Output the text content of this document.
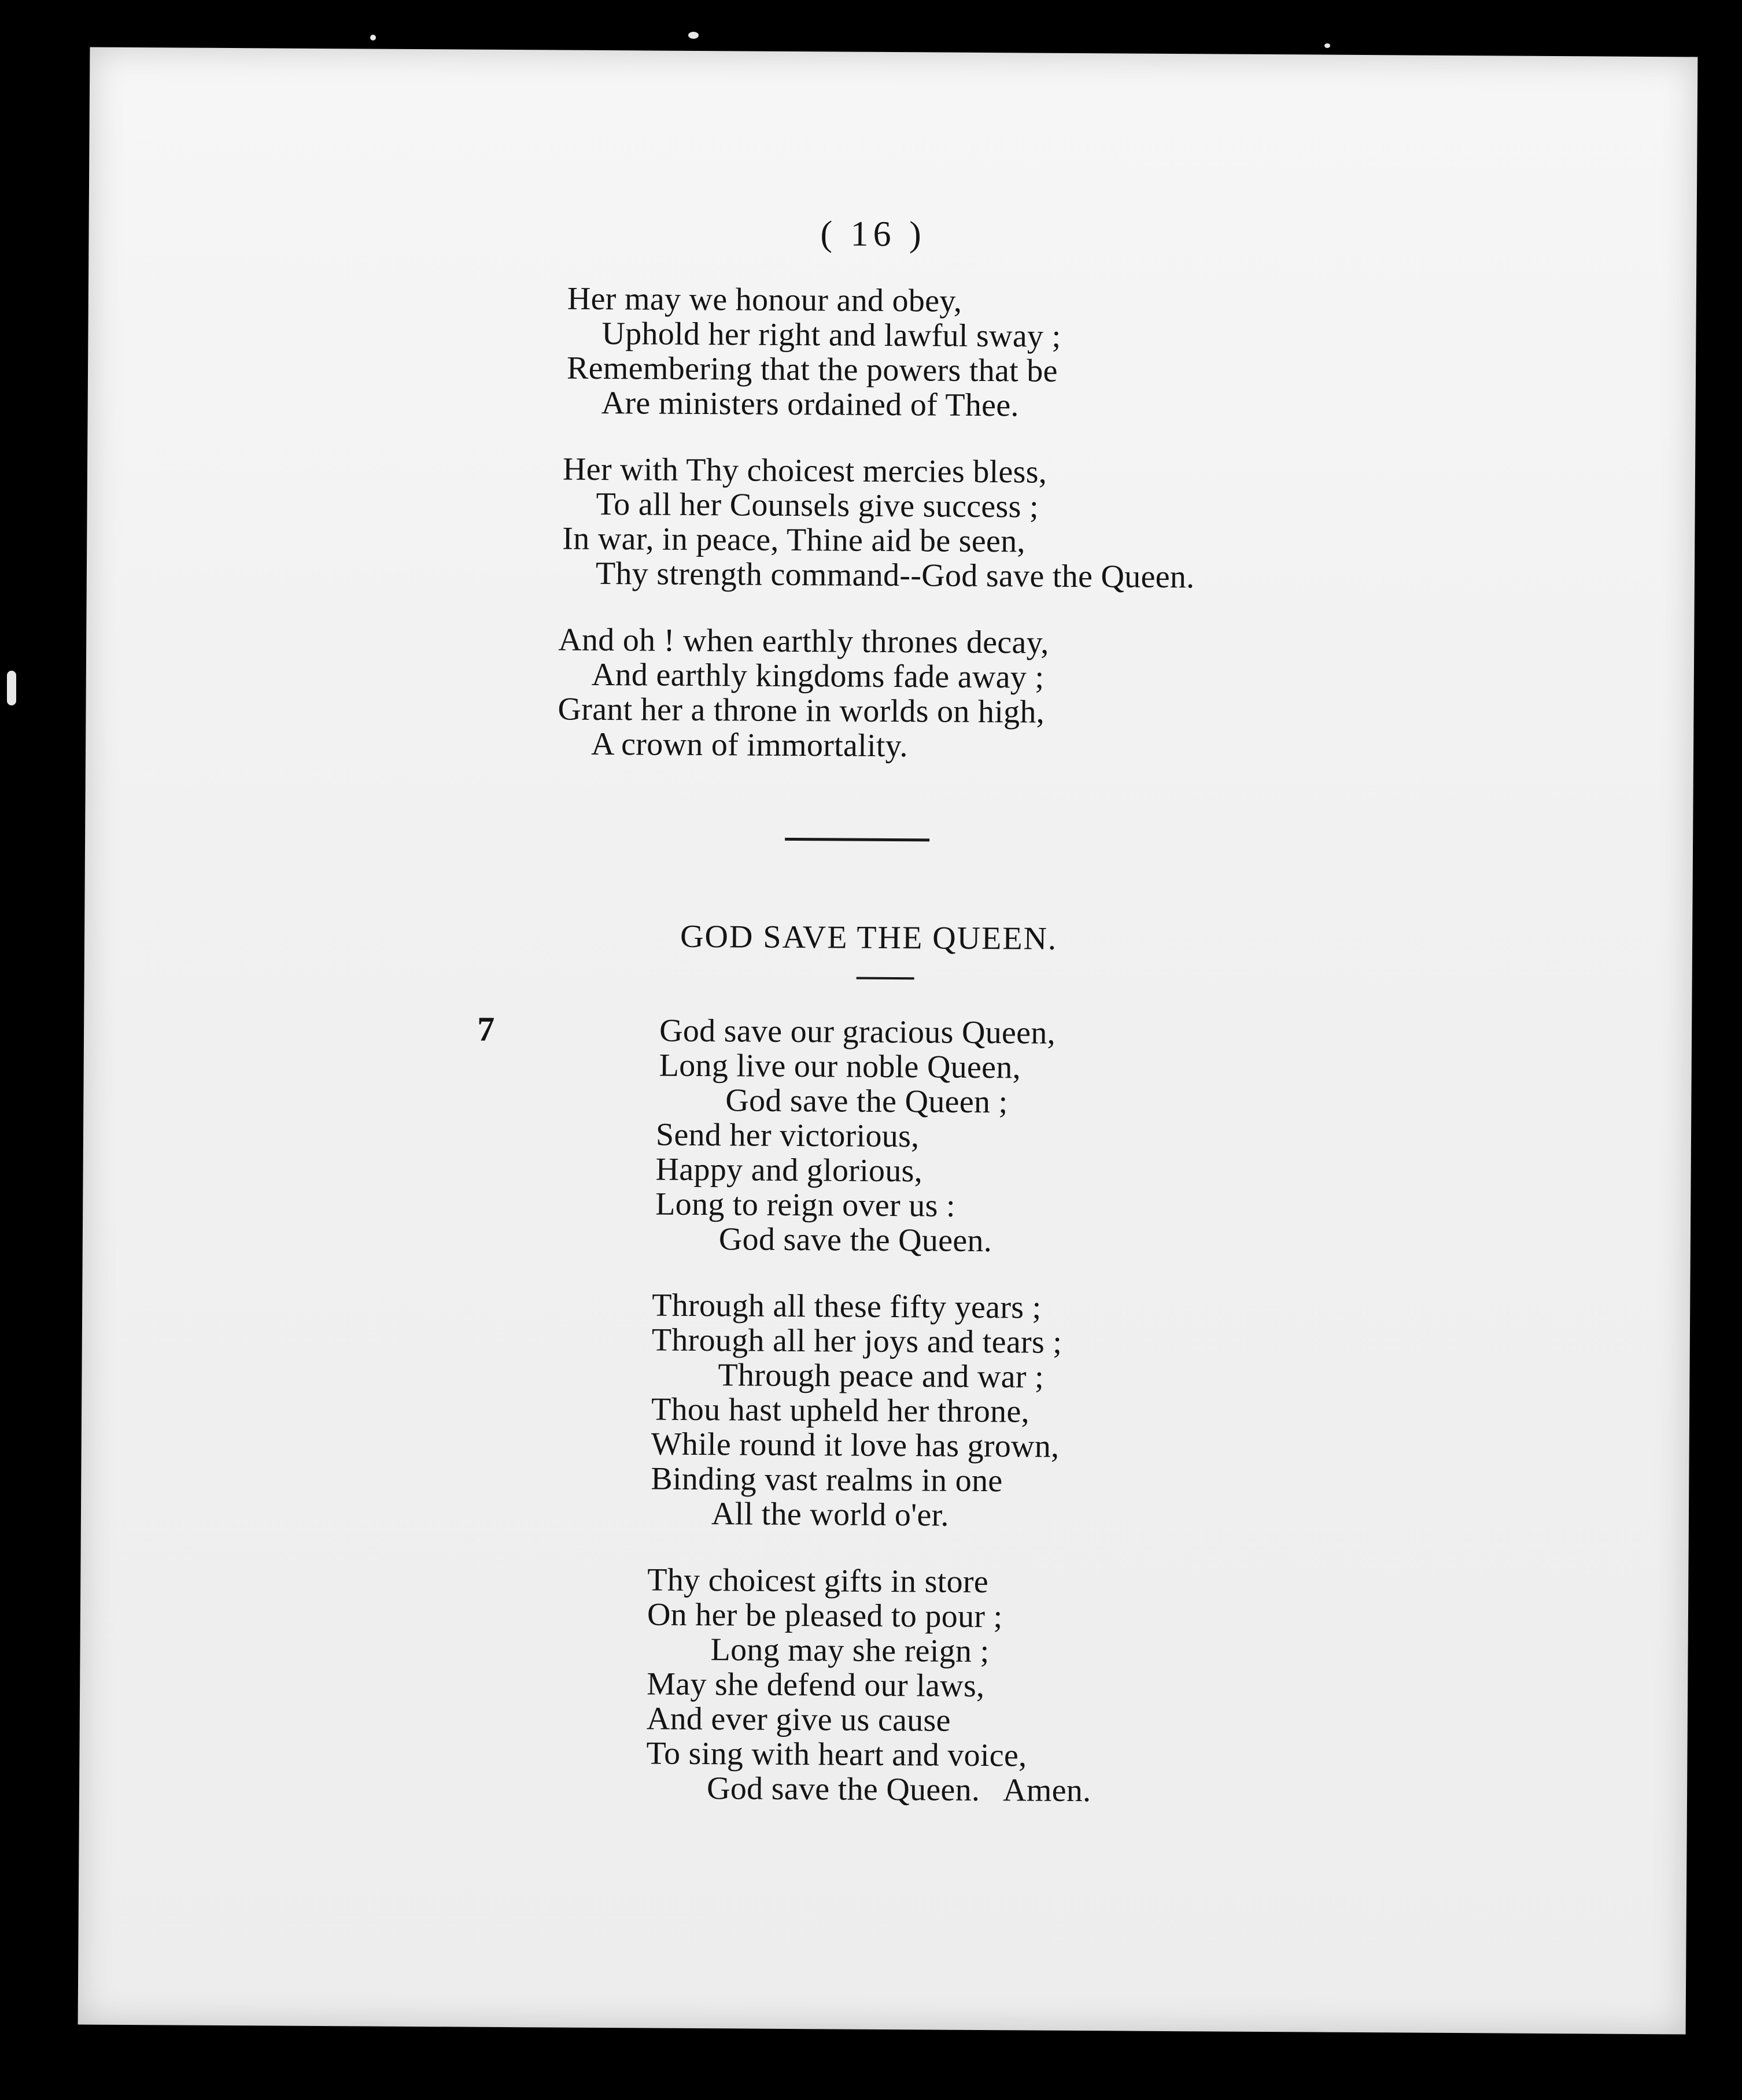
( 16 )
Her may we honour and obey,
Uphold her right and lawful sway ;
Remembering that the powers that be
Are ministers ordained of Thee.
Her with Thy choicest mercies bless,
To all her Counsels give success ;
In war, in peace, Thine aid be seen,
Thy strength command--God save the Queen.
And oh ! when earthly thrones decay,
And earthly kingdoms fade away ;
Grant her a throne in worlds on high,
A crown of immortality.
GOD SAVE THE QUEEN.
7	God save our gracious Queen,
Long live our noble Queen,
God save the Queen ;
Send her victorious,
Happy and glorious,
Long to reign over us :
God save the Queen.
Through all these fifty years ;
Through all her joys and tears ;
Through peace and war ;
Thou hast upheld her throne,
While round it love has grown,
Binding vast realms in one
All the world o'er.
Thy choicest gifts in store
On her be pleased to pour ;
Long may she reign ;
May she defend our laws,
And ever give us cause
To sing with heart and voice,
God save the Queen.   Amen.
